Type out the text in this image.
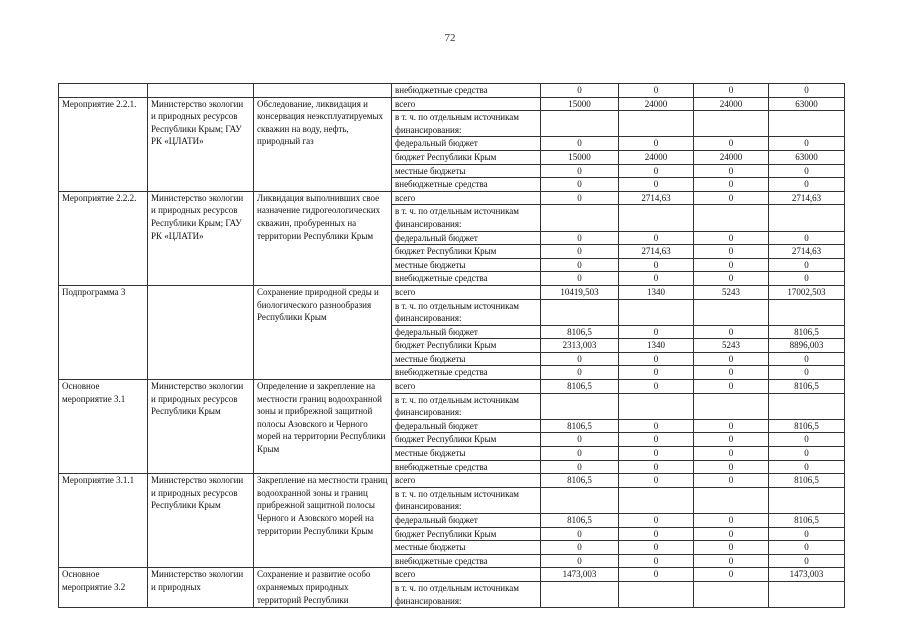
72
			внебюджетные средства	0	0	0	0
Мероприятие 2.2.1.	Министерство экологии и природных ресурсов Республики Крым; ГАУ РК «ЦЛАТИ»	Обследование, ликвидация и консервация неэксплуатируемых скважин на воду, нефть, природный газ	всего	15000	24000	24000	63000
			в т. ч. по отдельным источникам финансирования:				
			федеральный бюджет	0	0	0	0
			бюджет Республики Крым	15000	24000	24000	63000
			местные бюджеты	0	0	0	0
			внебюджетные средства	0	0	0	0
Мероприятие 2.2.2.	Министерство экологии и природных ресурсов Республики Крым; ГАУ РК «ЦЛАТИ»	Ликвидация выполнивших свое назначение гидрогеологических скважин, пробуренных на территории Республики Крым	всего	0	2714,63	0	2714,63
			в т. ч. по отдельным источникам финансирования:				
			федеральный бюджет	0	0	0	0
			бюджет Республики Крым	0	2714,63	0	2714,63
			местные бюджеты	0	0	0	0
			внебюджетные средства	0	0	0	0
Подпрограмма 3		Сохранение природной среды и биологического разнообразия Республики Крым	всего	10419,503	1340	5243	17002,503
			в т. ч. по отдельным источникам финансирования:				
			федеральный бюджет	8106,5	0	0	8106,5
			бюджет Республики Крым	2313,003	1340	5243	8896,003
			местные бюджеты	0	0	0	0
			внебюджетные средства	0	0	0	0
Основное мероприятие 3.1	Министерство экологии и природных ресурсов Республики Крым	Определение и закрепление на местности границ водоохранной зоны и прибрежной защитной полосы Азовского и Черного морей на территории Республики Крым	всего	8106,5	0	0	8106,5
			в т. ч. по отдельным источникам финансирования:				
			федеральный бюджет	8106,5	0	0	8106,5
			бюджет Республики Крым	0	0	0	0
			местные бюджеты	0	0	0	0
			внебюджетные средства	0	0	0	0
Мероприятие 3.1.1	Министерство экологии и природных ресурсов Республики Крым	Закрепление на местности границ водоохранной зоны и границ прибрежной защитной полосы Черного и Азовского морей на территории Республики Крым	всего	8106,5	0	0	8106,5
			в т. ч. по отдельным источникам финансирования:				
			федеральный бюджет	8106,5	0	0	8106,5
			бюджет Республики Крым	0	0	0	0
			местные бюджеты	0	0	0	0
			внебюджетные средства	0	0	0	0
Основное мероприятие 3.2	Министерство экологии и природных	Сохранение и развитие особо охраняемых природных территорий Республики	всего	1473,003	0	0	1473,003
			в т. ч. по отдельным источникам финансирования:				
